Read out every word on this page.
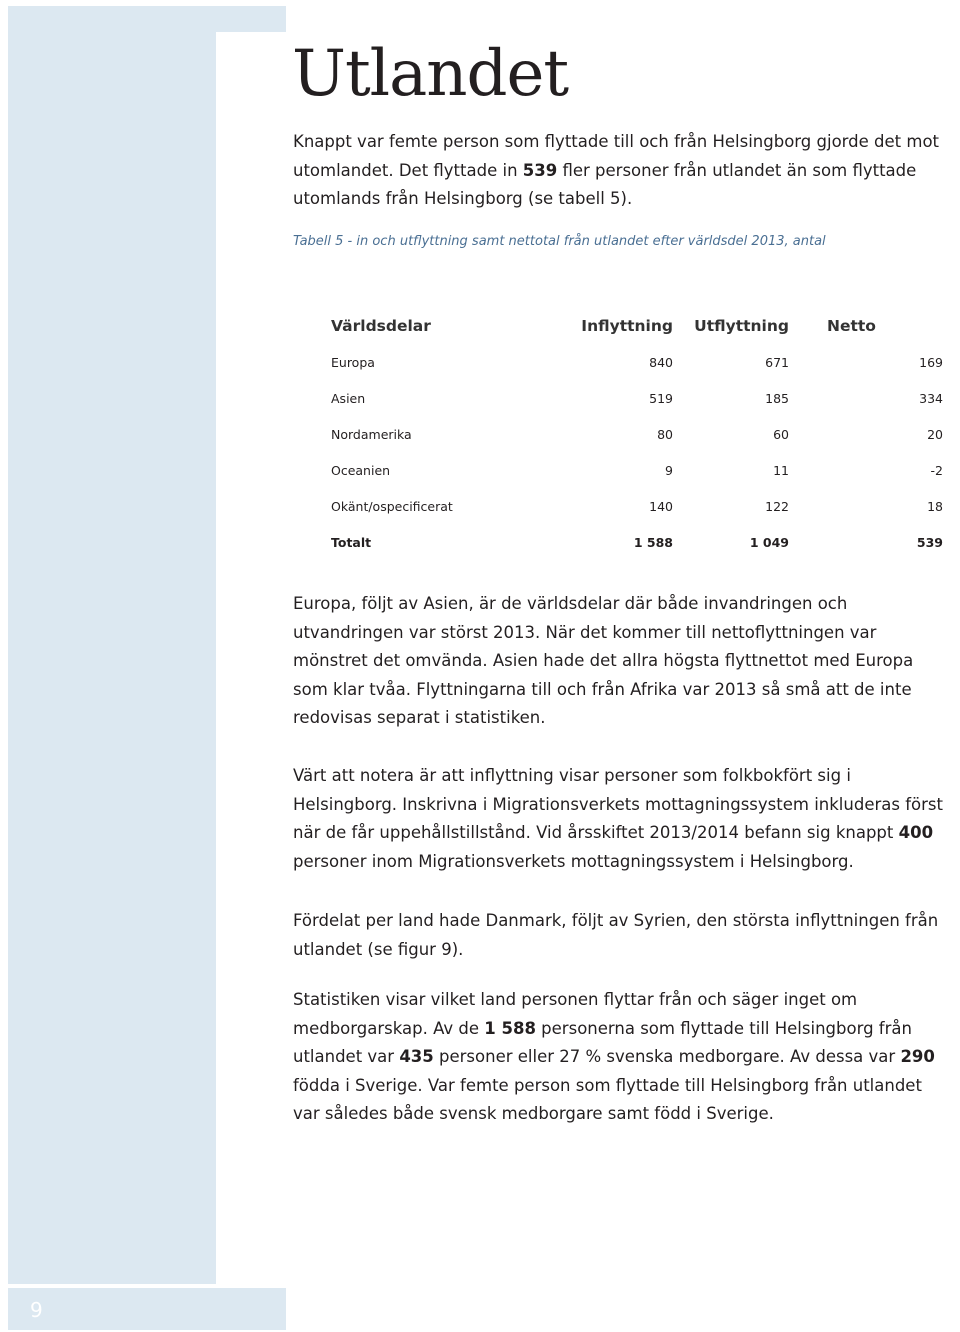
9
Utlandet

Knappt var femte person som flyttade till och från Helsingborg gjorde det mot utomlandet. Det flyttade in 539 fler personer från utlandet än som flyttade utomlands från Helsingborg (se tabell 5).

Tabell 5 - in och utflyttning samt nettotal från utlandet efter världsdel 2013, antal
Världsdelar	Inflyttning	Utflyttning	Netto
Europa	840	671	169
Asien	519	185	334
Nordamerika	80	60	20
Oceanien	9	11	-2
Okänt/ospecificerat	140	122	18
Totalt	1 588	1 049	539

Europa, följt av Asien, är de världsdelar där både invandringen och utvandringen var störst 2013. När det kommer till nettoflyttningen var mönstret det omvända. Asien hade det allra högsta flyttnettot med Europa som klar tvåa. Flyttningarna till och från Afrika var 2013 så små att de inte redovisas separat i statistiken.

Värt att notera är att inflyttning visar personer som folkbokfört sig i Helsingborg. Inskrivna i Migrationsverkets mottagningssystem inkluderas först när de får uppehållstillstånd. Vid årsskiftet 2013/2014 befann sig knappt 400 personer inom Migrationsverkets mottagningssystem i Helsingborg.

Fördelat per land hade Danmark, följt av Syrien, den största inflyttningen från utlandet (se figur 9).

Statistiken visar vilket land personen flyttar från och säger inget om medborgarskap. Av de 1 588 personerna som flyttade till Helsingborg från utlandet var 435 personer eller 27 % svenska medborgare. Av dessa var 290 födda i Sverige. Var femte person som flyttade till Helsingborg från utlandet var således både svensk medborgare samt född i Sverige.
